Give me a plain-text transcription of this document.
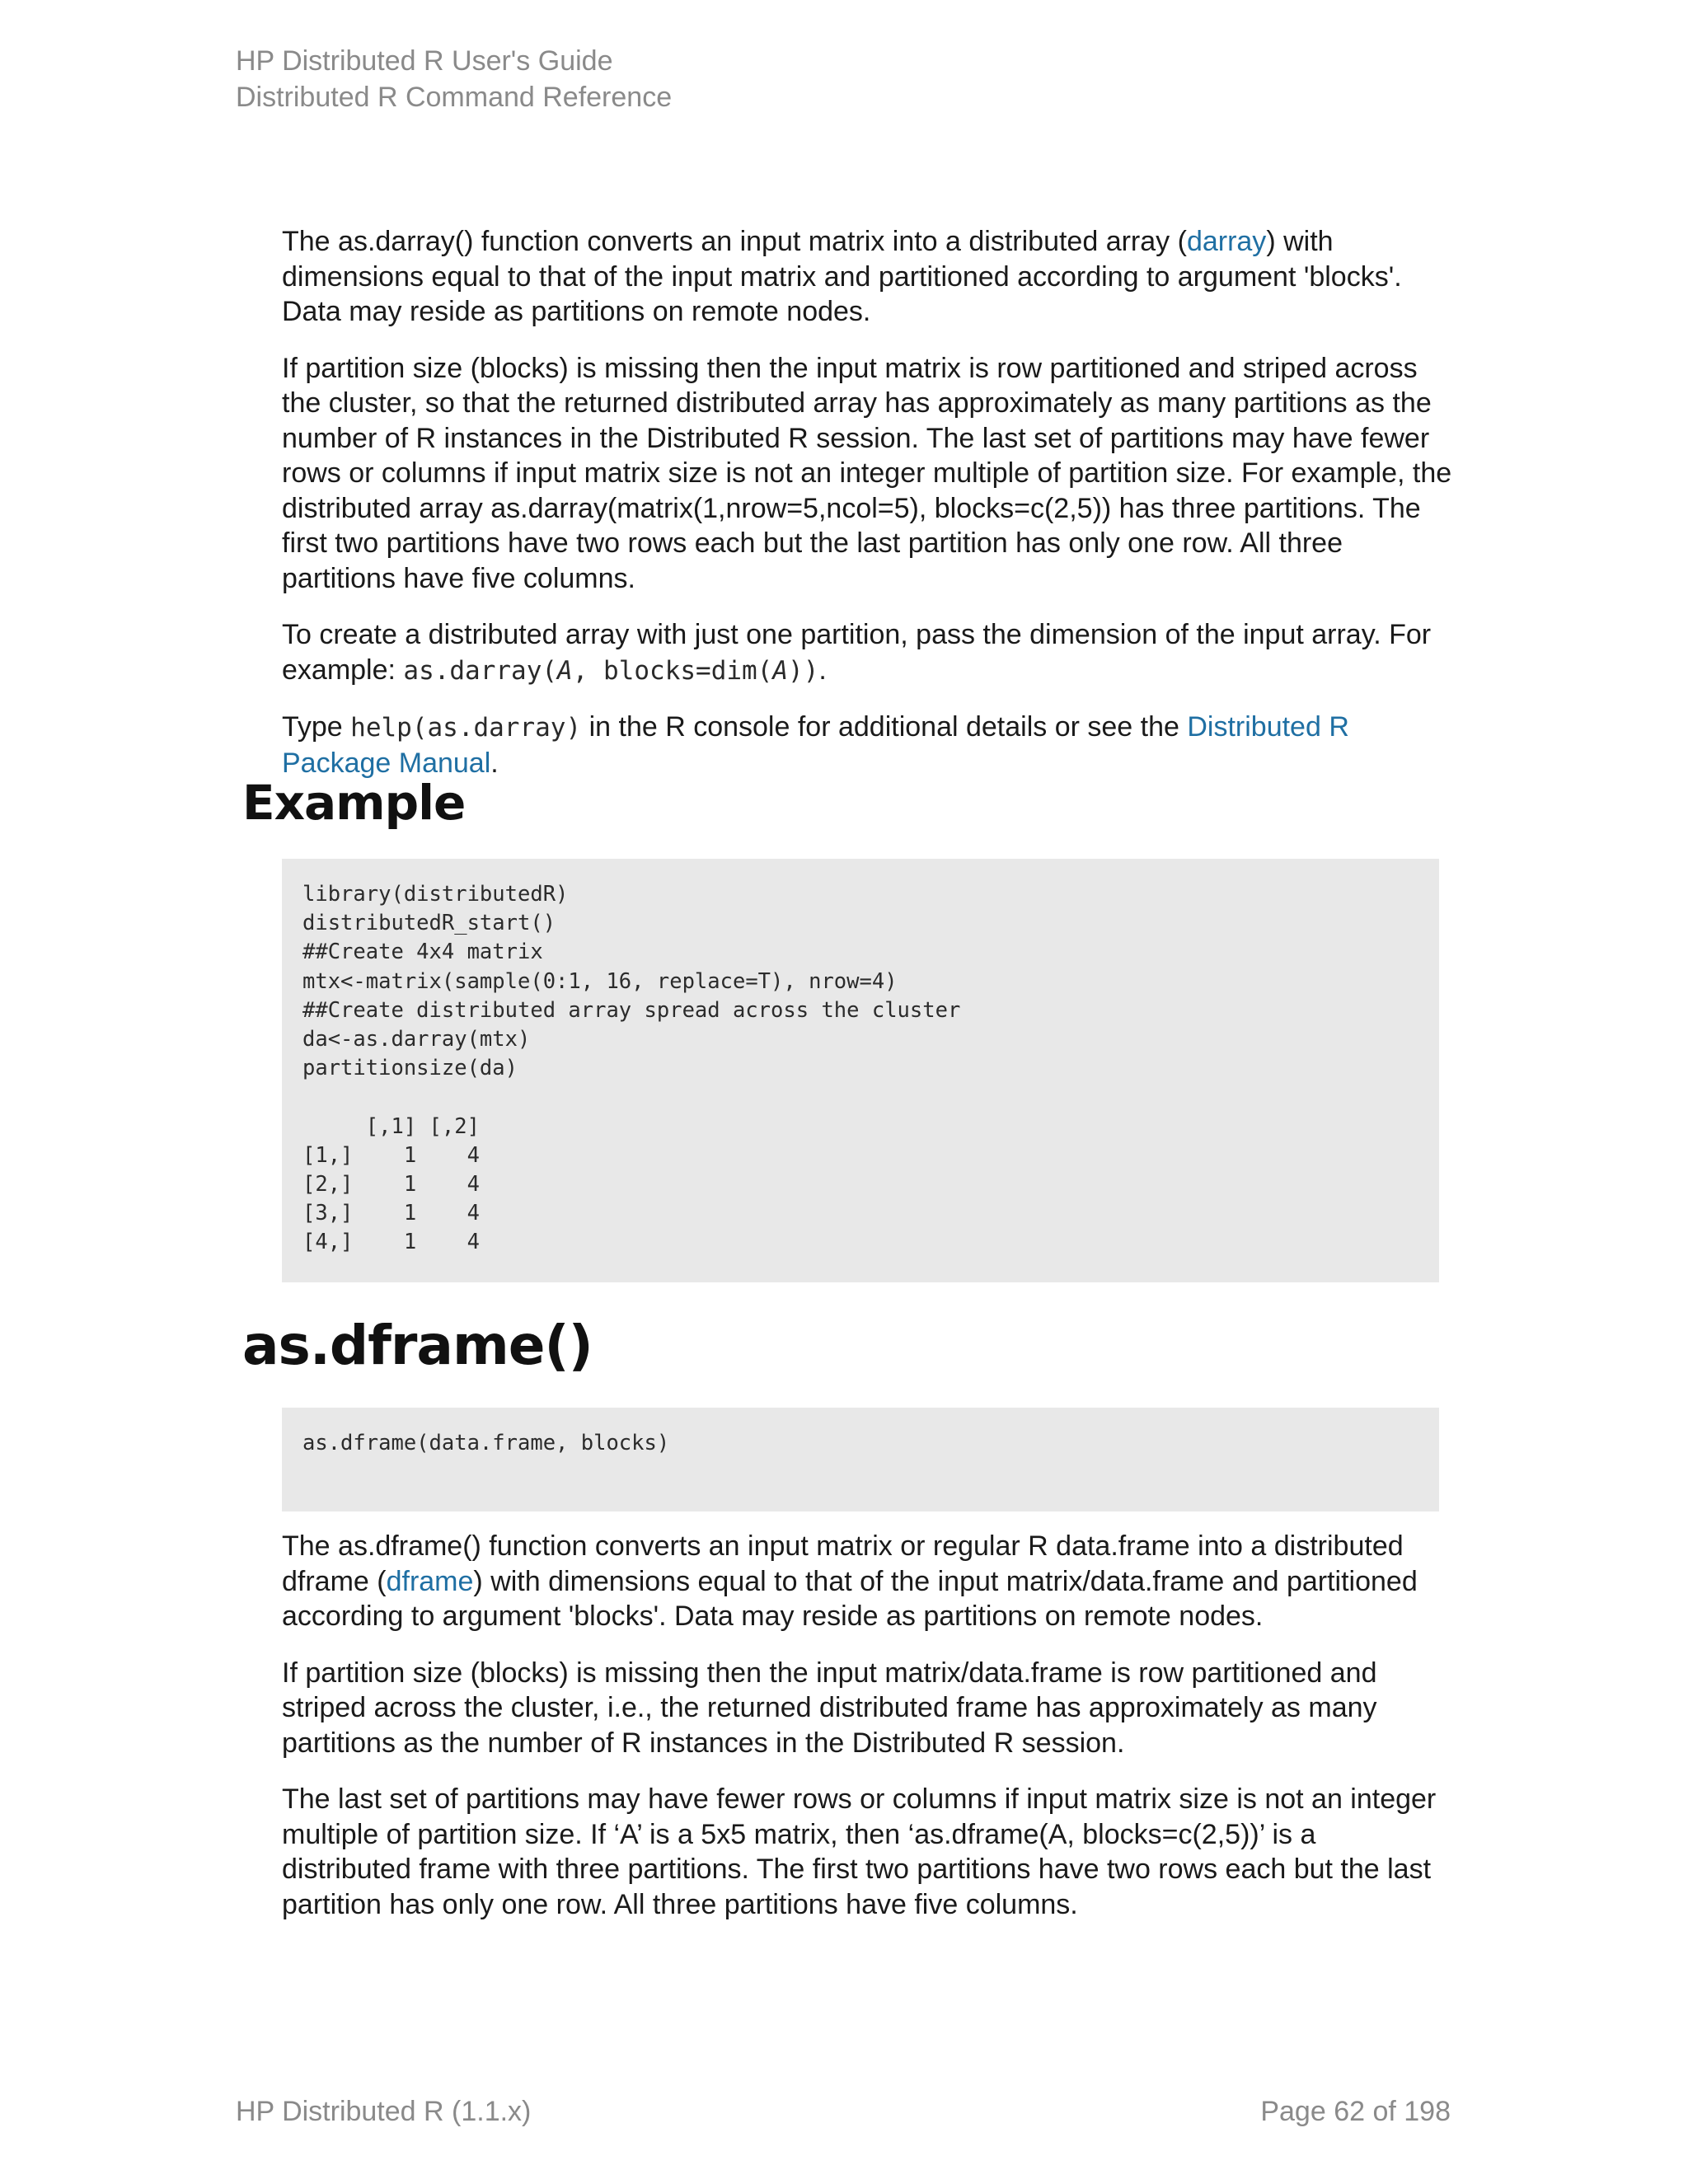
HP Distributed R User's Guide
Distributed R Command Reference

The as.darray() function converts an input matrix into a distributed array (darray) with dimensions equal to that of the input matrix and partitioned according to argument 'blocks'. Data may reside as partitions on remote nodes.

If partition size (blocks) is missing then the input matrix is row partitioned and striped across the cluster, so that the returned distributed array has approximately as many partitions as the number of R instances in the Distributed R session. The last set of partitions may have fewer rows or columns if input matrix size is not an integer multiple of partition size. For example, the distributed array as.darray(matrix(1,nrow=5,ncol=5), blocks=c(2,5)) has three partitions. The first two partitions have two rows each but the last partition has only one row. All three partitions have five columns.

To create a distributed array with just one partition, pass the dimension of the input array. For example: as.darray(A, blocks=dim(A)).

Type help(as.darray) in the R console for additional details or see the Distributed R Package Manual.

Example
library(distributedR)
distributedR_start()
##Create 4x4 matrix
mtx<-matrix(sample(0:1, 16, replace=T), nrow=4)
##Create distributed array spread across the cluster
da<-as.darray(mtx)
partitionsize(da)

[,1] [,2]
[1,]    1    4
[2,]    1    4
[3,]    1    4
[4,]    1    4
as.dframe()
as.dframe(data.frame, blocks)

The as.dframe() function converts an input matrix or regular R data.frame into a distributed dframe (dframe) with dimensions equal to that of the input matrix/data.frame and partitioned according to argument 'blocks'. Data may reside as partitions on remote nodes.

If partition size (blocks) is missing then the input matrix/data.frame is row partitioned and striped across the cluster, i.e., the returned distributed frame has approximately as many partitions as the number of R instances in the Distributed R session.

The last set of partitions may have fewer rows or columns if input matrix size is not an integer multiple of partition size. If ‘A’ is a 5x5 matrix, then ‘as.dframe(A, blocks=c(2,5))’ is a distributed frame with three partitions. The first two partitions have two rows each but the last partition has only one row. All three partitions have five columns.

HP Distributed R (1.1.x)	Page 62 of 198
